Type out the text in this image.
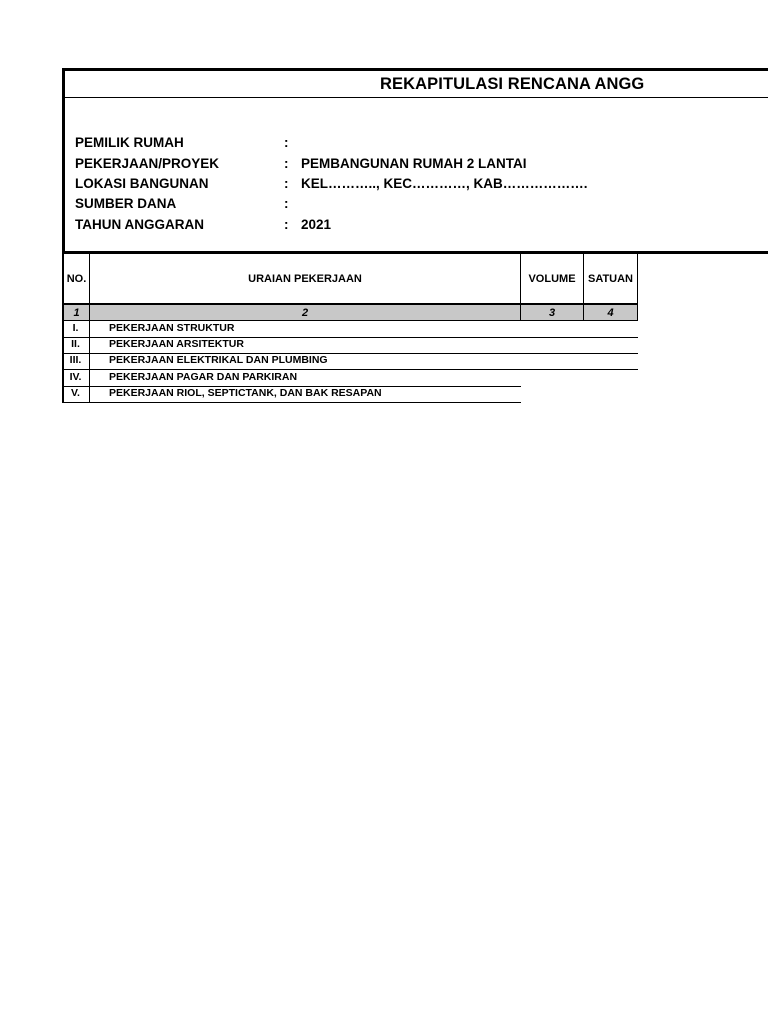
REKAPITULASI RENCANA ANGG
PEMILIK RUMAH	:
PEKERJAAN/PROYEK	: PEMBANGUNAN RUMAH 2 LANTAI
LOKASI BANGUNAN	: KEL……….., KEC…………, KAB……………….
SUMBER DANA	:
TAHUN ANGGARAN	: 2021
NO.	URAIAN PEKERJAAN	VOLUME	SATUAN
1	2	3	4
I.	PEKERJAAN STRUKTUR
II.	PEKERJAAN ARSITEKTUR
III.	PEKERJAAN ELEKTRIKAL DAN PLUMBING
IV.	PEKERJAAN PAGAR DAN PARKIRAN
V.	PEKERJAAN RIOL, SEPTICTANK, DAN BAK RESAPAN
